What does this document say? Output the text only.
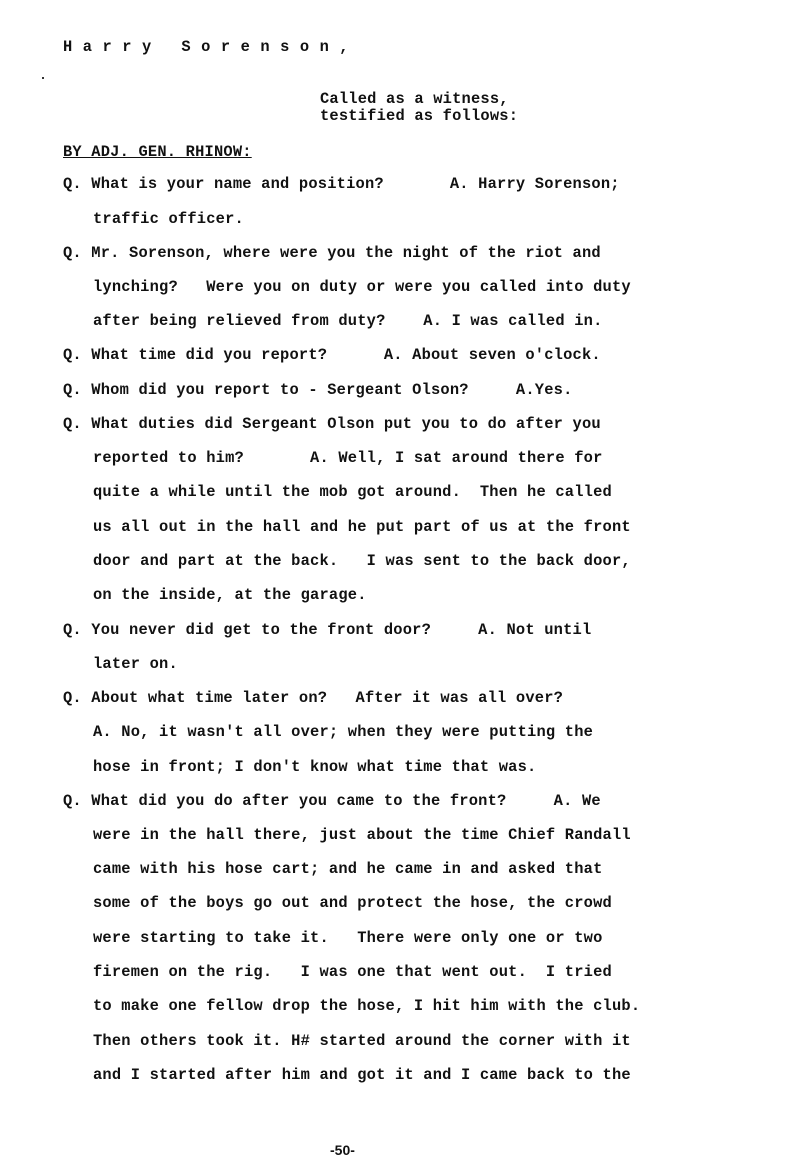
Harry Sorenson,
Called as a witness,
testified as follows:
BY ADJ. GEN. RHINOW:
Q. What is your name and position?       A. Harry Sorenson;
traffic officer.
Q. Mr. Sorenson, where were you the night of the riot and
lynching?   Were you on duty or were you called into duty
after being relieved from duty?    A. I was called in.
Q. What time did you report?      A. About seven o'clock.
Q. Whom did you report to - Sergeant Olson?     A.Yes.
Q. What duties did Sergeant Olson put you to do after you
reported to him?       A. Well, I sat around there for
quite a while until the mob got around.  Then he called
us all out in the hall and he put part of us at the front
door and part at the back.   I was sent to the back door,
on the inside, at the garage.
Q. You never did get to the front door?     A. Not until
later on.
Q. About what time later on?   After it was all over?
A. No, it wasn't all over; when they were putting the
hose in front; I don't know what time that was.
Q. What did you do after you came to the front?     A. We
were in the hall there, just about the time Chief Randall
came with his hose cart; and he came in and asked that
some of the boys go out and protect the hose, the crowd
were starting to take it.   There were only one or two
firemen on the rig.   I was one that went out.  I tried
to make one fellow drop the hose, I hit him with the club.
Then others took it. H# started around the corner with it
and I started after him and got it and I came back to the
-50-
